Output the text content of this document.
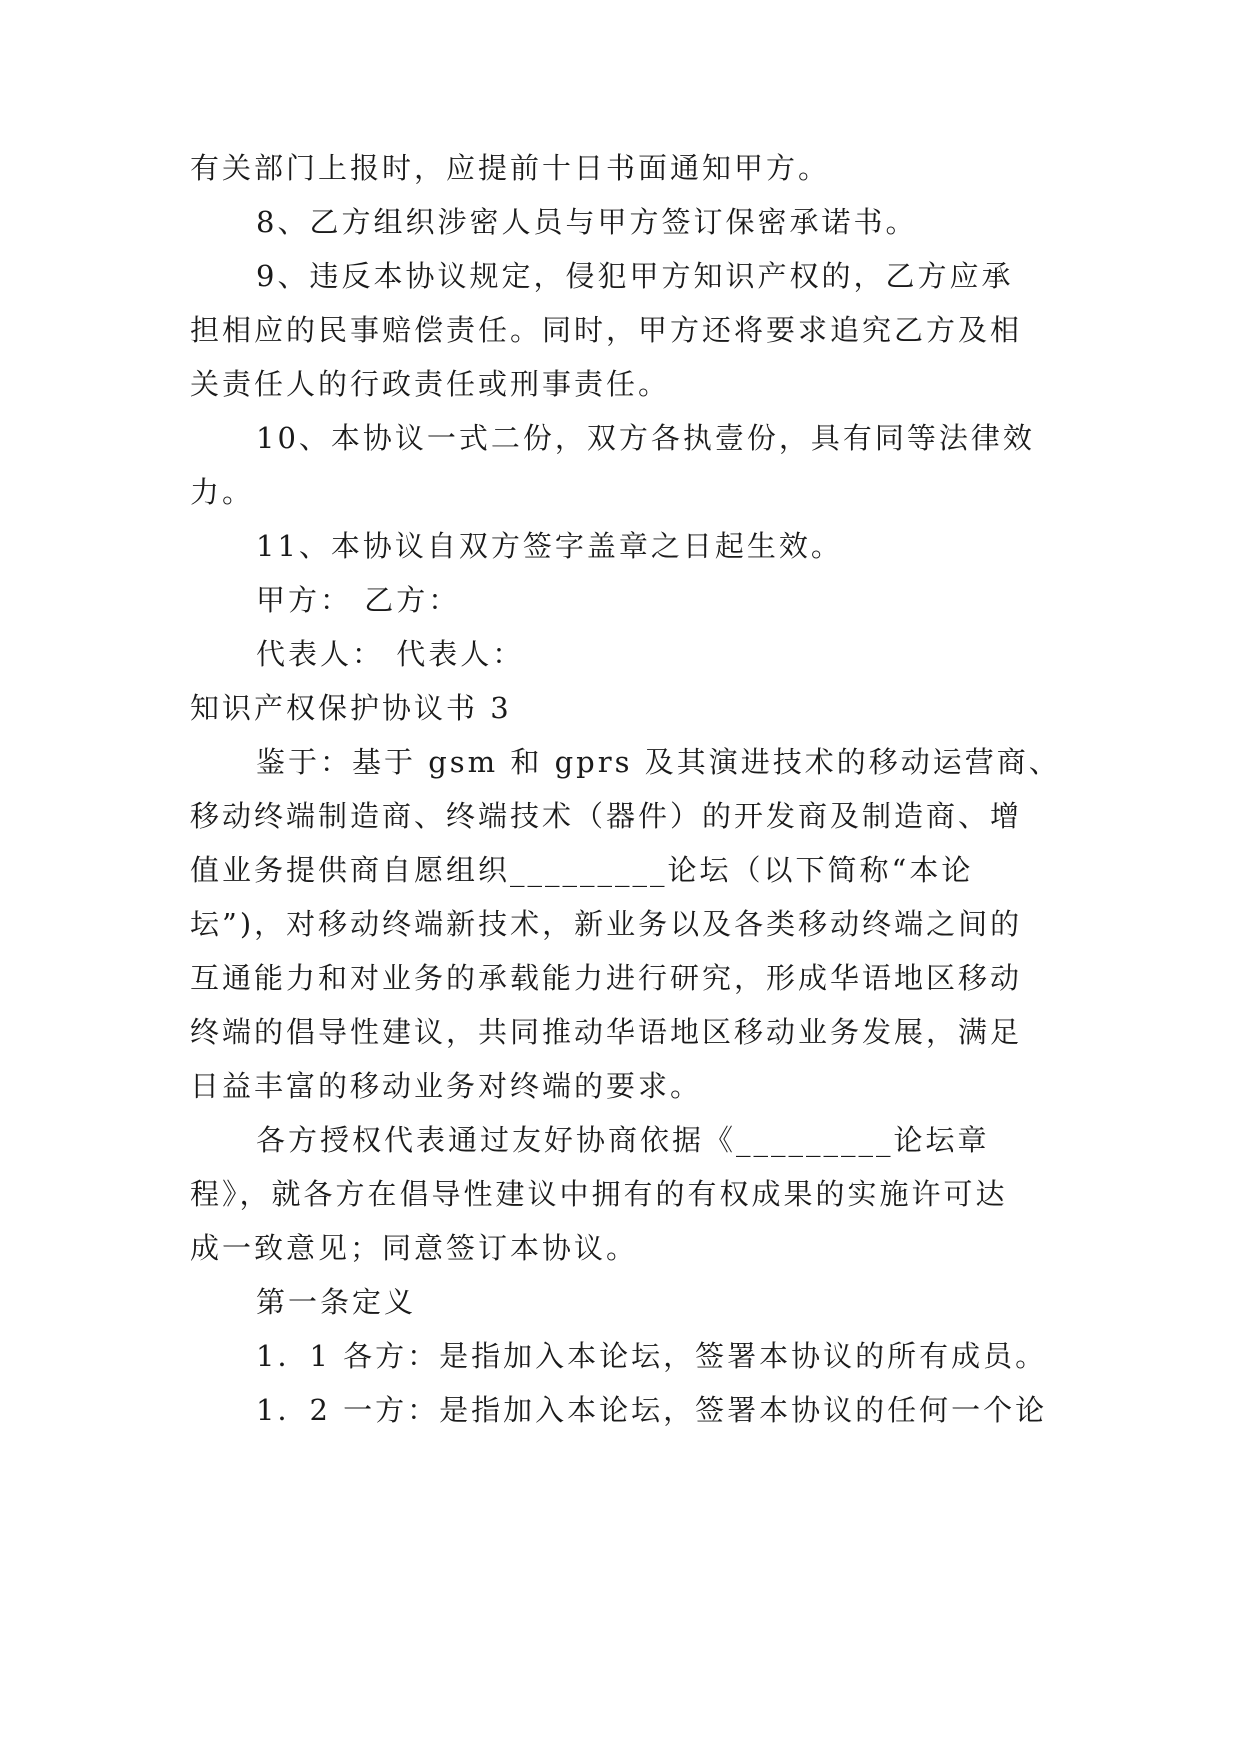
有关部门上报时，应提前十日书面通知甲方。
8、乙方组织涉密人员与甲方签订保密承诺书。
9、违反本协议规定，侵犯甲方知识产权的，乙方应承
担相应的民事赔偿责任。同时，甲方还将要求追究乙方及相
关责任人的行政责任或刑事责任。
10、本协议一式二份，双方各执壹份，具有同等法律效
力。
11、本协议自双方签字盖章之日起生效。
甲方： 乙方：
代表人： 代表人：
知识产权保护协议书 3
鉴于：基于 gsm 和 gprs 及其演进技术的移动运营商、
移动终端制造商、终端技术（器件）的开发商及制造商、增
值业务提供商自愿组织_________论坛（以下简称“本论
坛”)，对移动终端新技术，新业务以及各类移动终端之间的
互通能力和对业务的承载能力进行研究，形成华语地区移动
终端的倡导性建议，共同推动华语地区移动业务发展，满足
日益丰富的移动业务对终端的要求。
各方授权代表通过友好协商依据《_________论坛章
程》，就各方在倡导性建议中拥有的有权成果的实施许可达
成一致意见；同意签订本协议。
第一条定义
1．1 各方：是指加入本论坛，签署本协议的所有成员。
1．2 一方：是指加入本论坛，签署本协议的任何一个论
